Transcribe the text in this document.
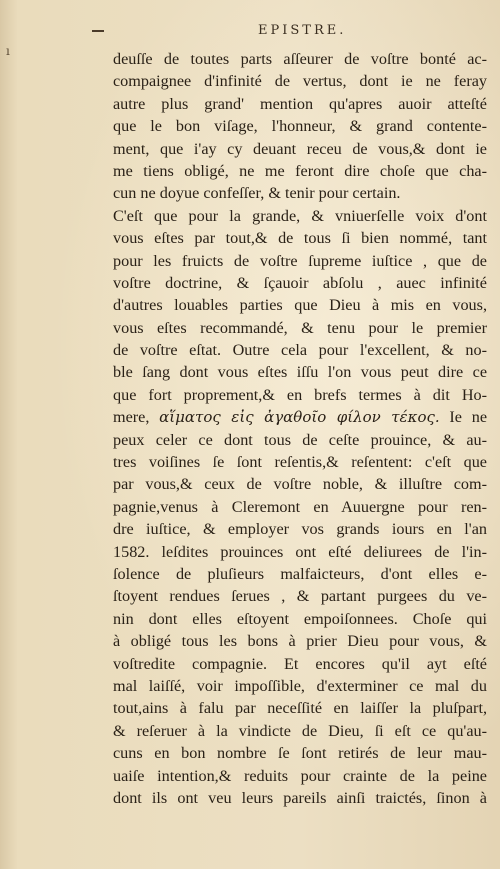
ı
EPISTRE.
deuſſe de toutes parts aſſeurer de voſtre bonté ac-
compaignee d'infinité de vertus, dont ie ne feray
autre plus grand' mention qu'apres auoir atteſté
que le bon viſage, l'honneur, & grand contente-
ment, que i'ay cy deuant receu de vous,& dont ie
me tiens obligé, ne me feront dire choſe que cha-
cun ne doyue confeſſer, & tenir pour certain.
C'eſt que pour la grande, & vniuerſelle voix d'ont
vous eſtes par tout,& de tous ſi bien nommé, tant
pour les fruicts de voſtre ſupreme iuſtice , que de
voſtre doctrine, & ſçauoir abſolu , auec infinité
d'autres louables parties que Dieu à mis en vous,
vous eſtes recommandé, & tenu pour le premier
de voſtre eſtat. Outre cela pour l'excellent, & no-
ble ſang dont vous eſtes iſſu l'on vous peut dire ce
que fort proprement,& en brefs termes à dit Ho-
mere, αἵματος εἰς ἀγαθοῖο φίλον τέκος. Ie ne
peux celer ce dont tous de ceſte prouince, & au-
tres voiſines ſe ſont reſentis,& reſentent: c'eſt que
par vous,& ceux de voſtre noble, & illuſtre com-
pagnie,venus à Cleremont en Auuergne pour ren-
dre iuſtice, & employer vos grands iours en l'an
1582. leſdites prouinces ont eſté deliurees de l'in-
ſolence de pluſieurs malfaicteurs, d'ont elles e-
ſtoyent rendues ſerues , & partant purgees du ve-
nin dont elles eſtoyent empoiſonnees. Choſe qui
à obligé tous les bons à prier Dieu pour vous, &
voſtredite compagnie. Et encores qu'il ayt eſté
mal laiſſé, voir impoſſible, d'exterminer ce mal du
tout,ains à falu par neceſſité en laiſſer la pluſpart,
& reſeruer à la vindicte de Dieu, ſi eſt ce qu'au-
cuns en bon nombre ſe ſont retirés de leur mau-
uaiſe intention,& reduits pour crainte de la peine
dont ils ont veu leurs pareils ainſi traictés, ſinon à
